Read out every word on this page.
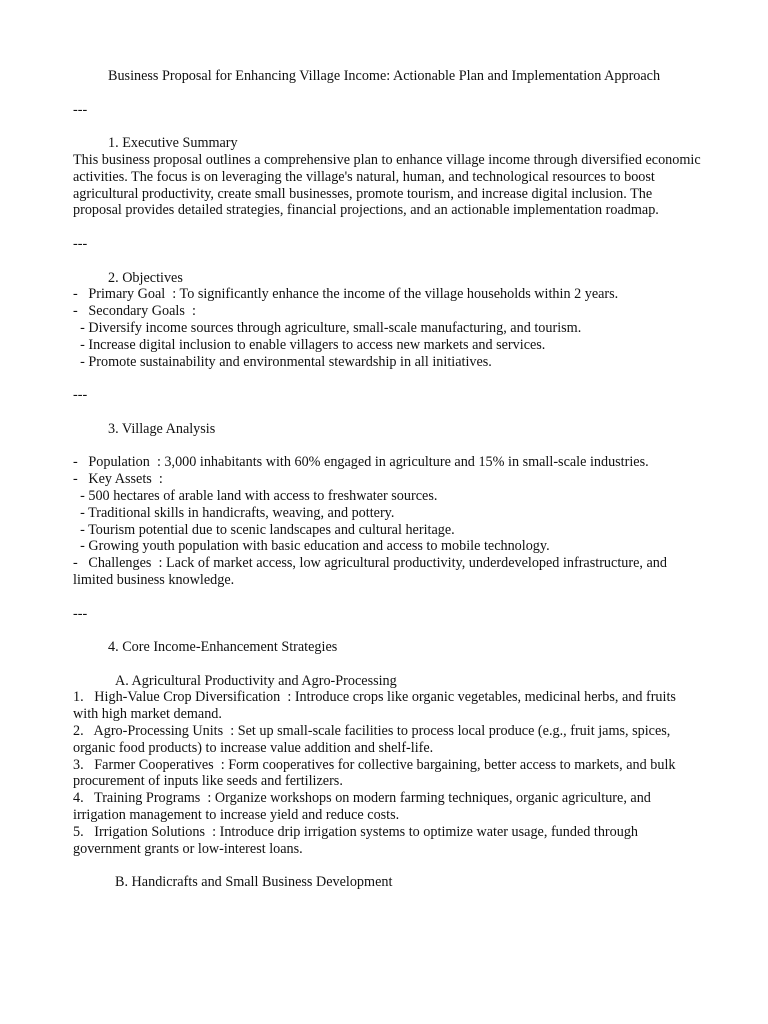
Business Proposal for Enhancing Village Income: Actionable Plan and Implementation Approach

---

1. Executive Summary

This business proposal outlines a comprehensive plan to enhance village income through diversified economic activities. The focus is on leveraging the village's natural, human, and technological resources to boost agricultural productivity, create small businesses, promote tourism, and increase digital inclusion. The proposal provides detailed strategies, financial projections, and an actionable implementation roadmap.

---

2. Objectives

-   Primary Goal  : To significantly enhance the income of the village households within 2 years.

-   Secondary Goals  :

- Diversify income sources through agriculture, small-scale manufacturing, and tourism.

- Increase digital inclusion to enable villagers to access new markets and services.

- Promote sustainability and environmental stewardship in all initiatives.

---

3. Village Analysis

-   Population  : 3,000 inhabitants with 60% engaged in agriculture and 15% in small-scale industries.

-   Key Assets  :

- 500 hectares of arable land with access to freshwater sources.

- Traditional skills in handicrafts, weaving, and pottery.

- Tourism potential due to scenic landscapes and cultural heritage.

- Growing youth population with basic education and access to mobile technology.

-   Challenges  : Lack of market access, low agricultural productivity, underdeveloped infrastructure, and limited business knowledge.

---

4. Core Income-Enhancement Strategies

A. Agricultural Productivity and Agro-Processing

1.   High-Value Crop Diversification  : Introduce crops like organic vegetables, medicinal herbs, and fruits with high market demand.

2.   Agro-Processing Units  : Set up small-scale facilities to process local produce (e.g., fruit jams, spices, organic food products) to increase value addition and shelf-life.

3.   Farmer Cooperatives  : Form cooperatives for collective bargaining, better access to markets, and bulk procurement of inputs like seeds and fertilizers.

4.   Training Programs  : Organize workshops on modern farming techniques, organic agriculture, and irrigation management to increase yield and reduce costs.

5.   Irrigation Solutions  : Introduce drip irrigation systems to optimize water usage, funded through government grants or low-interest loans.

B. Handicrafts and Small Business Development
